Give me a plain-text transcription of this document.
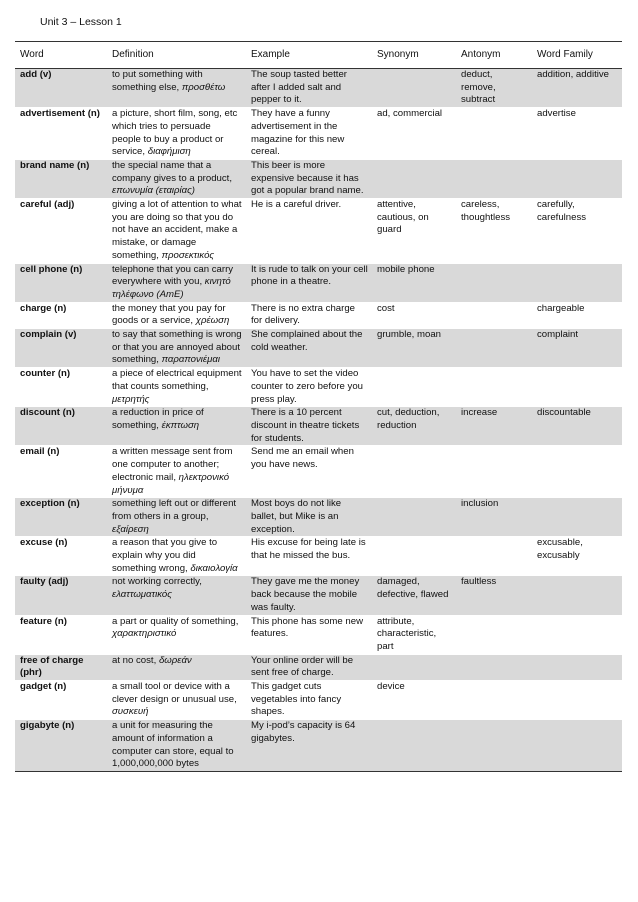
Unit 3 – Lesson 1
Word	Definition	Example	Synonym	Antonym	Word Family
add (v)	to put something with something else, προσθέτω	The soup tasted better after I added salt and pepper to it.		deduct, remove, subtract	addition, additive
advertisement (n)	a picture, short film, song, etc which tries to persuade people to buy a product or service, διαφήμιση	They have a funny advertisement in the magazine for this new cereal.	ad, commercial		advertise
brand name (n)	the special name that a company gives to a product, επωνυμία (εταιρίας)	This beer is more expensive because it has got a popular brand name.			
careful (adj)	giving a lot of attention to what you are doing so that you do not have an accident, make a mistake, or damage something, προσεκτικός	He is a careful driver.	attentive, cautious, on guard	careless, thoughtless	carefully, carefulness
cell phone (n)	telephone that you can carry everywhere with you, κινητό τηλέφωνο (AmE)	It is rude to talk on your cell phone in a theatre.	mobile phone		
charge (n)	the money that you pay for goods or a service, χρέωση	There is no extra charge for delivery.	cost		chargeable
complain (v)	to say that something is wrong or that you are annoyed about something, παραπονιέμαι	She complained about the cold weather.	grumble, moan		complaint
counter (n)	a piece of electrical equipment that counts something, μετρητής	You have to set the video counter to zero before you press play.			
discount (n)	a reduction in price of something, έκπτωση	There is a 10 percent discount in theatre tickets for students.	cut, deduction, reduction	increase	discountable
email (n)	a written message sent from one computer to another; electronic mail, ηλεκτρονικό μήνυμα	Send me an email when you have news.			
exception (n)	something left out or different from others in a group, εξαίρεση	Most boys do not like ballet, but Mike is an exception.		inclusion	
excuse (n)	a reason that you give to explain why you did something wrong, δικαιολογία	His excuse for being late is that he missed the bus.			excusable, excusably
faulty (adj)	not working correctly, ελαττωματικός	They gave me the money back because the mobile was faulty.	damaged, defective, flawed	faultless	
feature (n)	a part or quality of something, χαρακτηριστικό	This phone has some new features.	attribute, characteristic, part		
free of charge (phr)	at no cost, δωρεάν	Your online order will be sent free of charge.			
gadget (n)	a small tool or device with a clever design or unusual use, συσκευή	This gadget cuts vegetables into fancy shapes.	device		
gigabyte (n)	a unit for measuring the amount of information a computer can store, equal to 1,000,000,000 bytes	My i-pod’s capacity is 64 gigabytes.			
